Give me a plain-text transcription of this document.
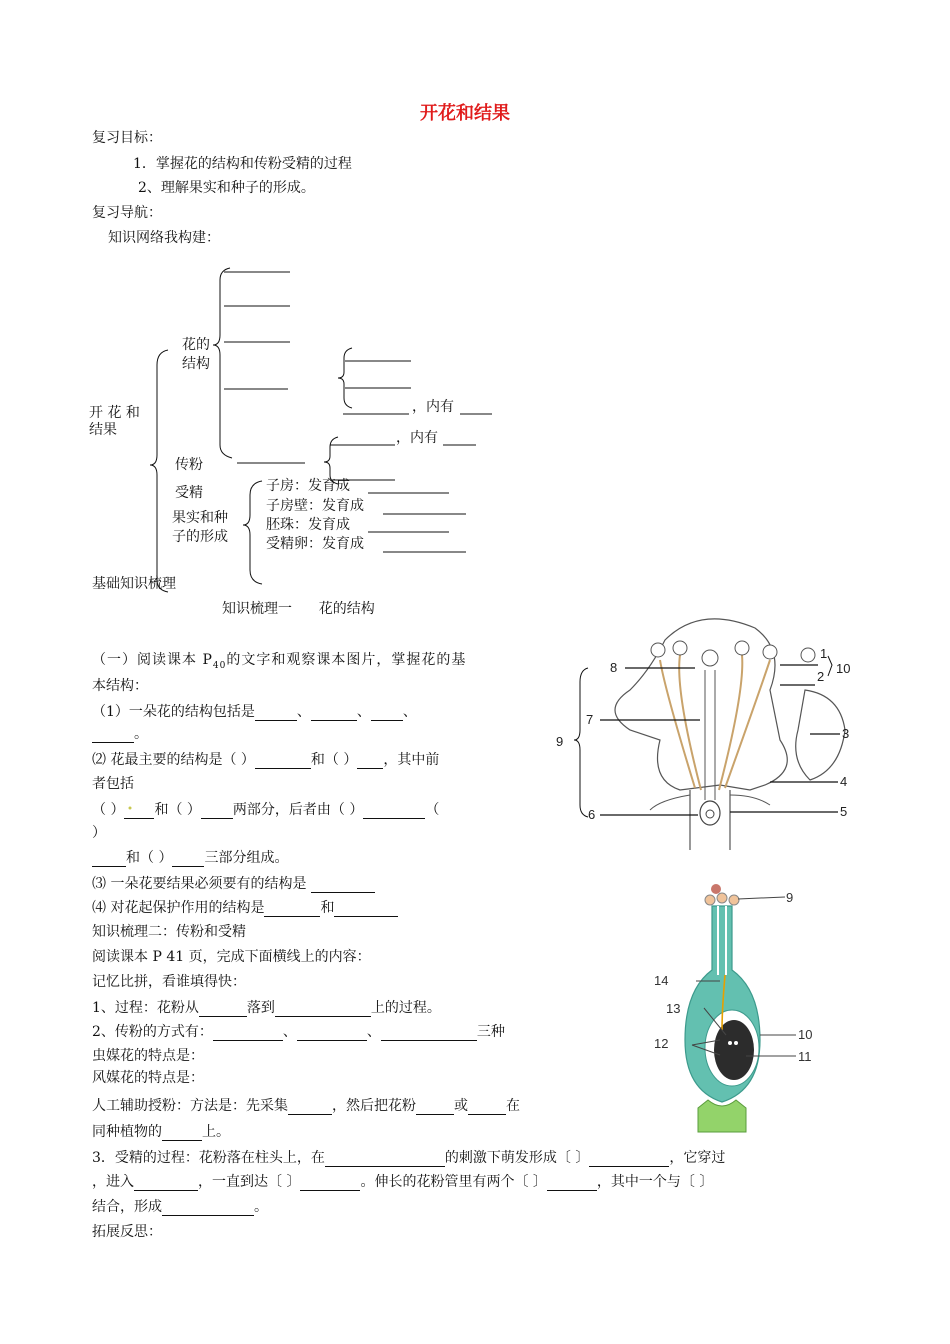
开花和结果
复习目标：
1．掌握花的结构和传粉受精的过程
2、理解果实和种子的形成。
复习导航：
知识网络我构建：
开 花 和
结果
花的
结构
，内有
，内有
传粉
受精
果实和种
子的形成
子房：发育成
子房壁：发育成
胚珠：发育成
受精卵：发育成
基础知识梳理
知识梳理一 花的结构
（一）阅读课本 $P_{40}$的文字和观察课本图片，掌握花的基
本结构：
（1）一朵花的结构包括是	、	、 、
。
⑵ 花最主要的结构是（ ）	和（ ） ，其中前
者包括
（ ） 和（ ） 两部分，后者由（ ）	（
）
和（ ） 三部分组成。
⑶ 一朵花要结果必须要有的结构是
⑷ 对花起保护作用的结构是	和
知识梳理二：传粉和受精
阅读课本 P 41 页，完成下面横线上的内容：
记忆比拼，看谁填得快：
1、过程：花粉从	落到	上的过程。
2、传粉的方式有：	、	、	三种
虫媒花的特点是：
风媒花的特点是：
人工辅助授粉：方法是：先采集	，然后把花粉	或	在
同种植物的	上。
3．受精的过程：花粉落在柱头上，在	的刺激下萌发形成〔 〕	，它穿过
，进入	，一直到达〔 〕	。伸长的花粉管里有两个〔 〕	，其中一个与〔 〕
结合，形成	。
拓展反思：
8
1
2
10
3
7
9
4
5
6
9
14
13
12
10
11
